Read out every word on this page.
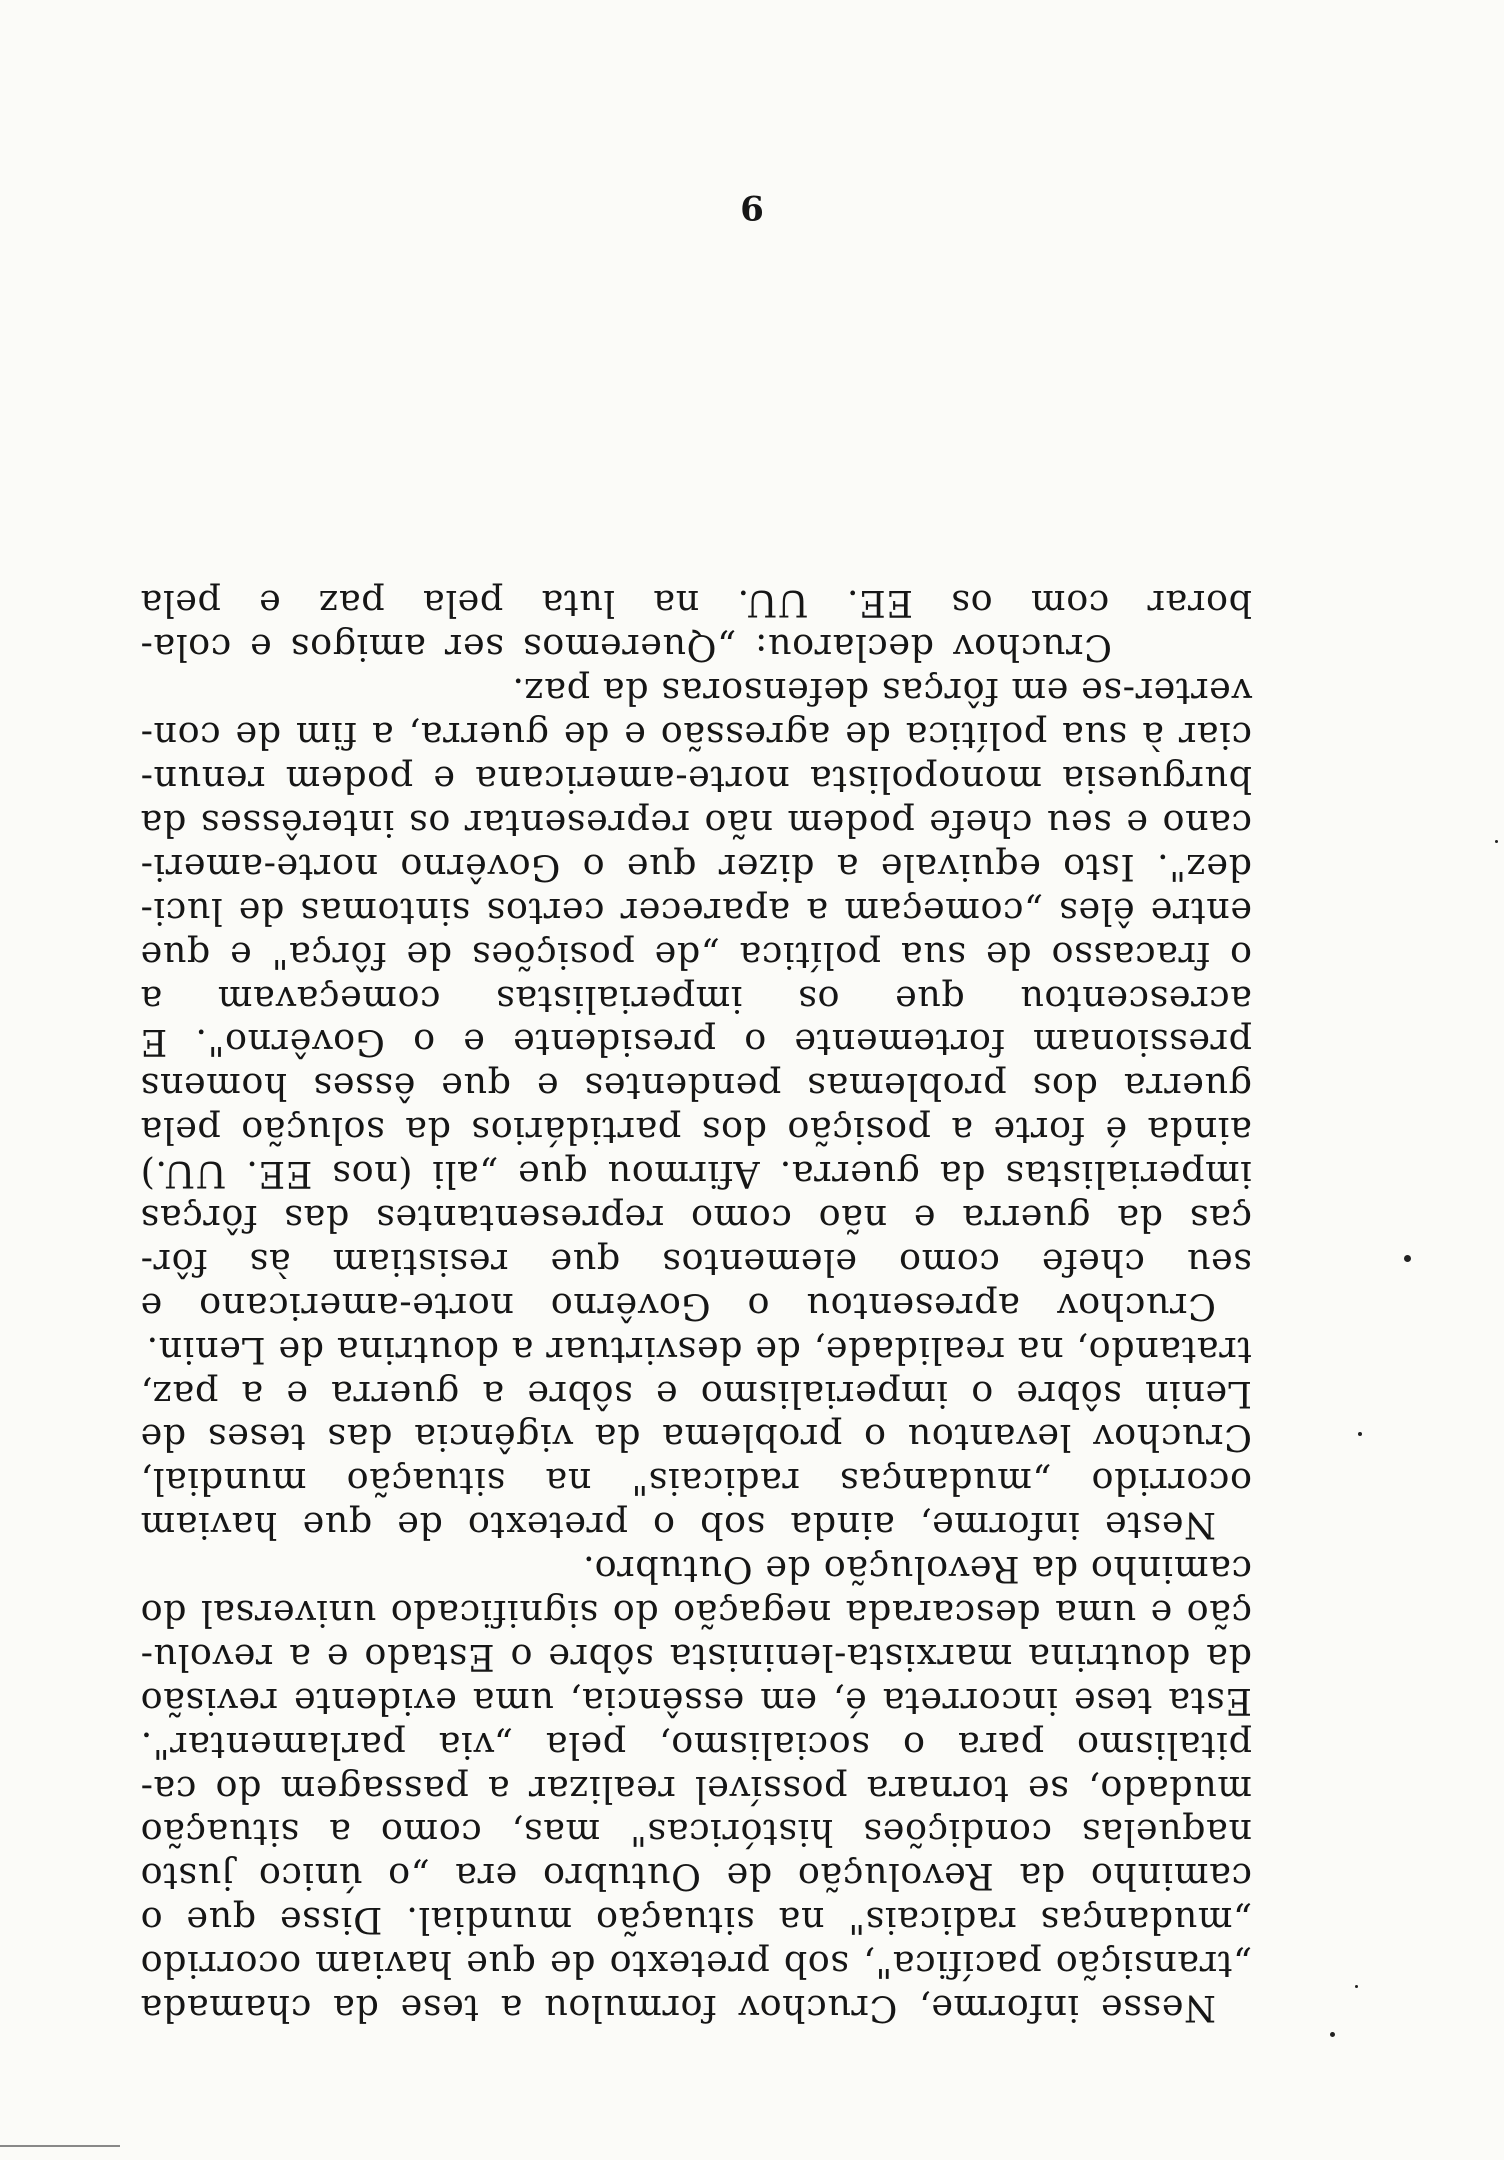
Nesse informe, Cruchov formulou a tese da chamada
„transição pacífica", sob pretexto de que haviam ocorrido
„mudanças radicais" na situação mundial. Disse que o
caminho da Revolução de Outubro era „o único justo
naquelas condições históricas" mas, como a situação
mudado, se tornara possível realizar a passagem do ca-
pitalismo para o socialismo, pela „via parlamentar".
Esta tese incorreta é, em essência, uma evidente revisão
da doutrina marxista-leninista sôbre o Estado e a revolu-
ção e uma descarada negação do significado universal do
caminho da Revolução de Outubro.
Neste informe, ainda sob o pretexto de que haviam
ocorrido „mudanças radicais" na situação mundial,
Cruchov levantou o problema da vigência das teses de
Lenin sôbre o imperialismo e sôbre a guerra e a paz,
tratando, na realidade, de desvirtuar a doutrina de Lenin.
Cruchov apresentou o Govêrno norte-americano e
seu chefe como elementos que resistiam às fôr-
ças da guerra e não como representantes das fôrças
imperialistas da guerra. Afirmou que „ali (nos EE. UU.)
ainda é forte a posição dos partidários da solução pela
guerra dos problemas pendentes e que êsses homens
pressionam fortemente o presidente e o Govêrno". E
acrescentou que os imperialistas começavam a
o fracasso de sua política „de posições de fôrça" e que
entre êles „começam a aparecer certos sintomas de luci-
dez". Isto equivale a dizer que o Govêrno norte-ameri-
cano e seu chefe podem não representar os interêsses da
burguesia monopolista norte-americana e podem renun-
ciar à sua política de agressão e de guerra, a fim de con-
verter-se em fôrças defensoras da paz.
Cruchov declarou: „Queremos ser amigos e cola-
borar com os EE. UU. na luta pela paz e pela
9
